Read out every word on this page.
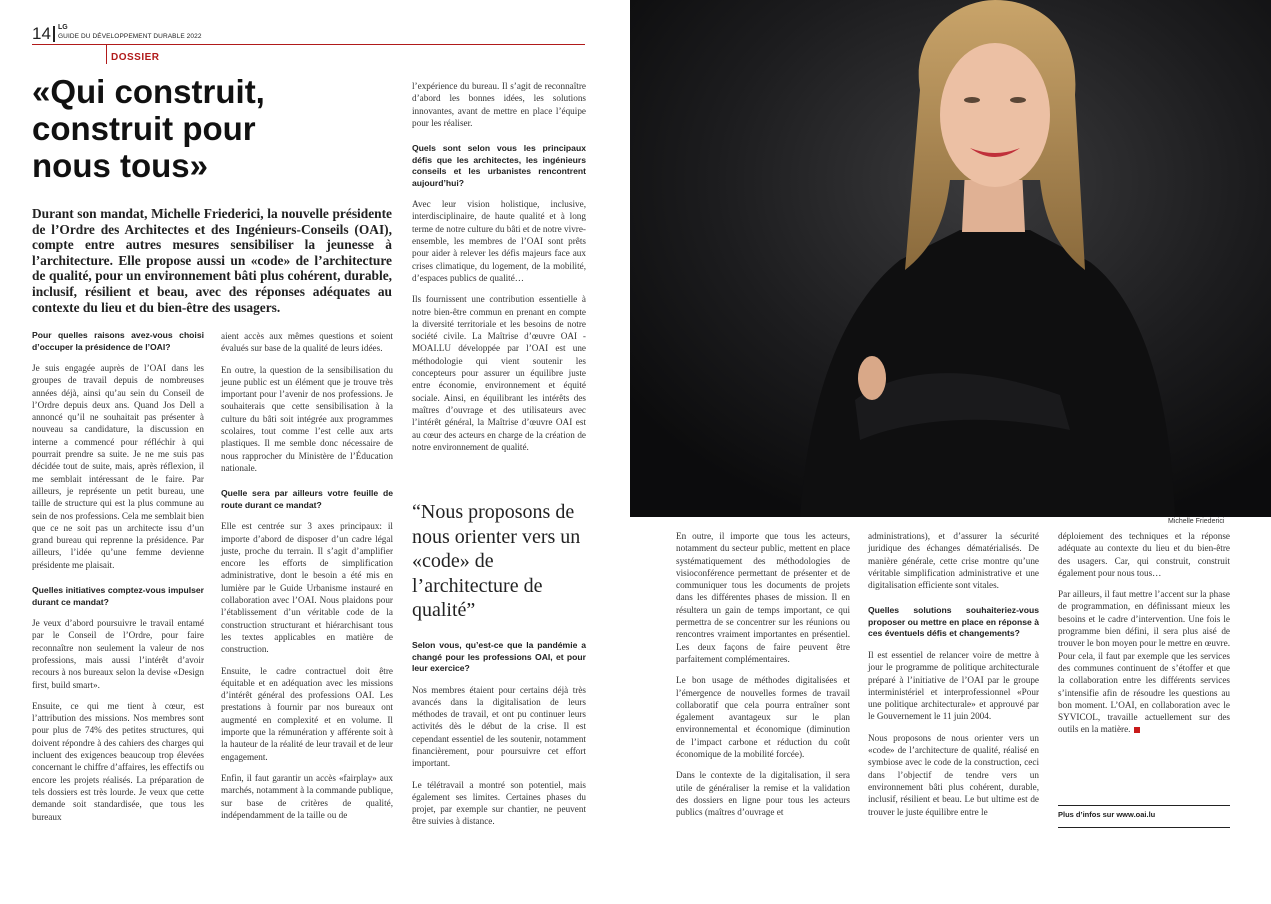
14 LG
GUIDE DU DÉVELOPPEMENT DURABLE 2022
DOSSIER
«Qui construit,
construit pour
nous tous»
Durant son mandat, Michelle Friederici, la nouvelle présidente de l’Ordre des Architectes et des Ingénieurs-Conseils (OAI), compte entre autres mesures sensibiliser la jeunesse à l’architecture. Elle propose aussi un «code» de l’architecture de qualité, pour un environnement bâti plus cohérent, durable, inclusif, résilient et beau, avec des réponses adéquates au contexte du lieu et du bien-être des usagers.

Pour quelles raisons avez-vous choisi d’occuper la présidence de l’OAI?

Je suis engagée auprès de l’OAI dans les groupes de travail depuis de nombreuses années déjà, ainsi qu’au sein du Conseil de l’Ordre depuis deux ans. Quand Jos Dell a annoncé qu’il ne souhaitait pas présenter à nouveau sa candidature, la discussion en interne a commencé pour réfléchir à qui pourrait prendre sa suite. Je ne me suis pas décidée tout de suite, mais, après réflexion, il me semblait intéressant de le faire. Par ailleurs, je représente un petit bureau, une taille de structure qui est la plus commune au sein de nos professions. Cela me semblait bien que ce ne soit pas un architecte issu d’un grand bureau qui reprenne la présidence. Par ailleurs, l’idée qu’une femme devienne présidente me plaisait.

Quelles initiatives comptez-vous impulser durant ce mandat?

Je veux d’abord poursuivre le travail entamé par le Conseil de l’Ordre, pour faire reconnaître non seulement la valeur de nos professions, mais aussi l’intérêt d’avoir recours à nos bureaux selon la devise «Design first, build smart».

Ensuite, ce qui me tient à cœur, est l’attribution des missions. Nos membres sont pour plus de 74% des petites structures, qui doivent répondre à des cahiers des charges qui incluent des exigences beaucoup trop élevées concernant le chiffre d’affaires, les effectifs ou encore les projets réalisés. La préparation de tels dossiers est très lourde. Je veux que cette demande soit standardisée, que tous les bureaux

aient accès aux mêmes questions et soient évalués sur base de la qualité de leurs idées.

En outre, la question de la sensibilisation du jeune public est un élément que je trouve très important pour l’avenir de nos professions. Je souhaiterais que cette sensibilisation à la culture du bâti soit intégrée aux programmes scolaires, tout comme l’est celle aux arts plastiques. Il me semble donc nécessaire de nous rapprocher du Ministère de l’Éducation nationale.

Quelle sera par ailleurs votre feuille de route durant ce mandat?

Elle est centrée sur 3 axes principaux: il importe d’abord de disposer d’un cadre légal juste, proche du terrain. Il s’agit d’amplifier encore les efforts de simplification administrative, dont le besoin a été mis en lumière par le Guide Urbanisme instauré en collaboration avec l’OAI. Nous plaidons pour l’établissement d’un véritable code de la construction structurant et hiérarchisant tous les textes applicables en matière de construction.

Ensuite, le cadre contractuel doit être équitable et en adéquation avec les missions d’intérêt général des professions OAI. Les prestations à fournir par nos bureaux ont augmenté en complexité et en volume. Il importe que la rémunération y afférente soit à la hauteur de la réalité de leur travail et de leur engagement.

Enfin, il faut garantir un accès «fairplay» aux marchés, notamment à la commande publique, sur base de critères de qualité, indépendamment de la taille ou de

l’expérience du bureau. Il s’agit de reconnaître d’abord les bonnes idées, les solutions innovantes, avant de mettre en place l’équipe pour les réaliser.

Quels sont selon vous les principaux défis que les architectes, les ingénieurs conseils et les urbanistes rencontrent aujourd’hui?

Avec leur vision holistique, inclusive, interdisciplinaire, de haute qualité et à long terme de notre culture du bâti et de notre vivre-ensemble, les membres de l’OAI sont prêts pour aider à relever les défis majeurs face aux crises climatique, du logement, de la mobilité, d’espaces publics de qualité…

Ils fournissent une contribution essentielle à notre bien-être commun en prenant en compte la diversité territoriale et les besoins de notre société civile. La Maîtrise d’œuvre OAI - MOAI.LU développée par l’OAI est une méthodologie qui vient soutenir les concepteurs pour assurer un équilibre juste entre économie, environnement et équité sociale. Ainsi, en équilibrant les intérêts des maîtres d’ouvrage et des utilisateurs avec l’intérêt général, la Maîtrise d’œuvre OAI est au cœur des acteurs en charge de la création de notre environnement de qualité.

“Nous proposons de nous orienter vers un «code» de l’architecture de qualité”

Selon vous, qu’est-ce que la pandémie a changé pour les professions OAI, et pour leur exercice?

Nos membres étaient pour certains déjà très avancés dans la digitalisation de leurs méthodes de travail, et ont pu continuer leurs activités dès le début de la crise. Il est cependant essentiel de les soutenir, notamment financièrement, pour poursuivre cet effort important.

Le télétravail a montré son potentiel, mais également ses limites. Certaines phases du projet, par exemple sur chantier, ne peuvent être suivies à distance.

Michelle Friederici

En outre, il importe que tous les acteurs, notamment du secteur public, mettent en place systématiquement des méthodologies de visioconférence permettant de présenter et de communiquer tous les documents de projets dans les différentes phases de mission. Il en résultera un gain de temps important, ce qui permettra de se concentrer sur les réunions ou rencontres vraiment importantes en présentiel. Les deux façons de faire peuvent être parfaitement complémentaires.

Le bon usage de méthodes digitalisées et l’émergence de nouvelles formes de travail collaboratif que cela pourra entraîner sont également avantageux sur le plan environnemental et économique (diminution de l’impact carbone et réduction du coût économique de la mobilité forcée).

Dans le contexte de la digitalisation, il sera utile de généraliser la remise et la validation des dossiers en ligne pour tous les acteurs publics (maîtres d’ouvrage et

administrations), et d’assurer la sécurité juridique des échanges dématérialisés. De manière générale, cette crise montre qu’une véritable simplification administrative et une digitalisation efficiente sont vitales.

Quelles solutions souhaiteriez-vous proposer ou mettre en place en réponse à ces éventuels défis et changements?

Il est essentiel de relancer voire de mettre à jour le programme de politique architecturale préparé à l’initiative de l’OAI par le groupe interministériel et interprofessionnel «Pour une politique architecturale» et approuvé par le Gouvernement le 11 juin 2004.

Nous proposons de nous orienter vers un «code» de l’architecture de qualité, réalisé en symbiose avec le code de la construction, ceci dans l’objectif de tendre vers un environnement bâti plus cohérent, durable, inclusif, résilient et beau. Le but ultime est de trouver le juste équilibre entre le

déploiement des techniques et la réponse adéquate au contexte du lieu et du bien-être des usagers. Car, qui construit, construit également pour nous tous…

Par ailleurs, il faut mettre l’accent sur la phase de programmation, en définissant mieux les besoins et le cadre d’intervention. Une fois le programme bien défini, il sera plus aisé de trouver le bon moyen pour le mettre en œuvre. Pour cela, il faut par exemple que les services des communes continuent de s’étoffer et que la collaboration entre les différents services s’intensifie afin de résoudre les questions au bon moment. L’OAI, en collaboration avec le SYVICOL, travaille actuellement sur des outils en la matière.

Plus d’infos sur www.oai.lu
